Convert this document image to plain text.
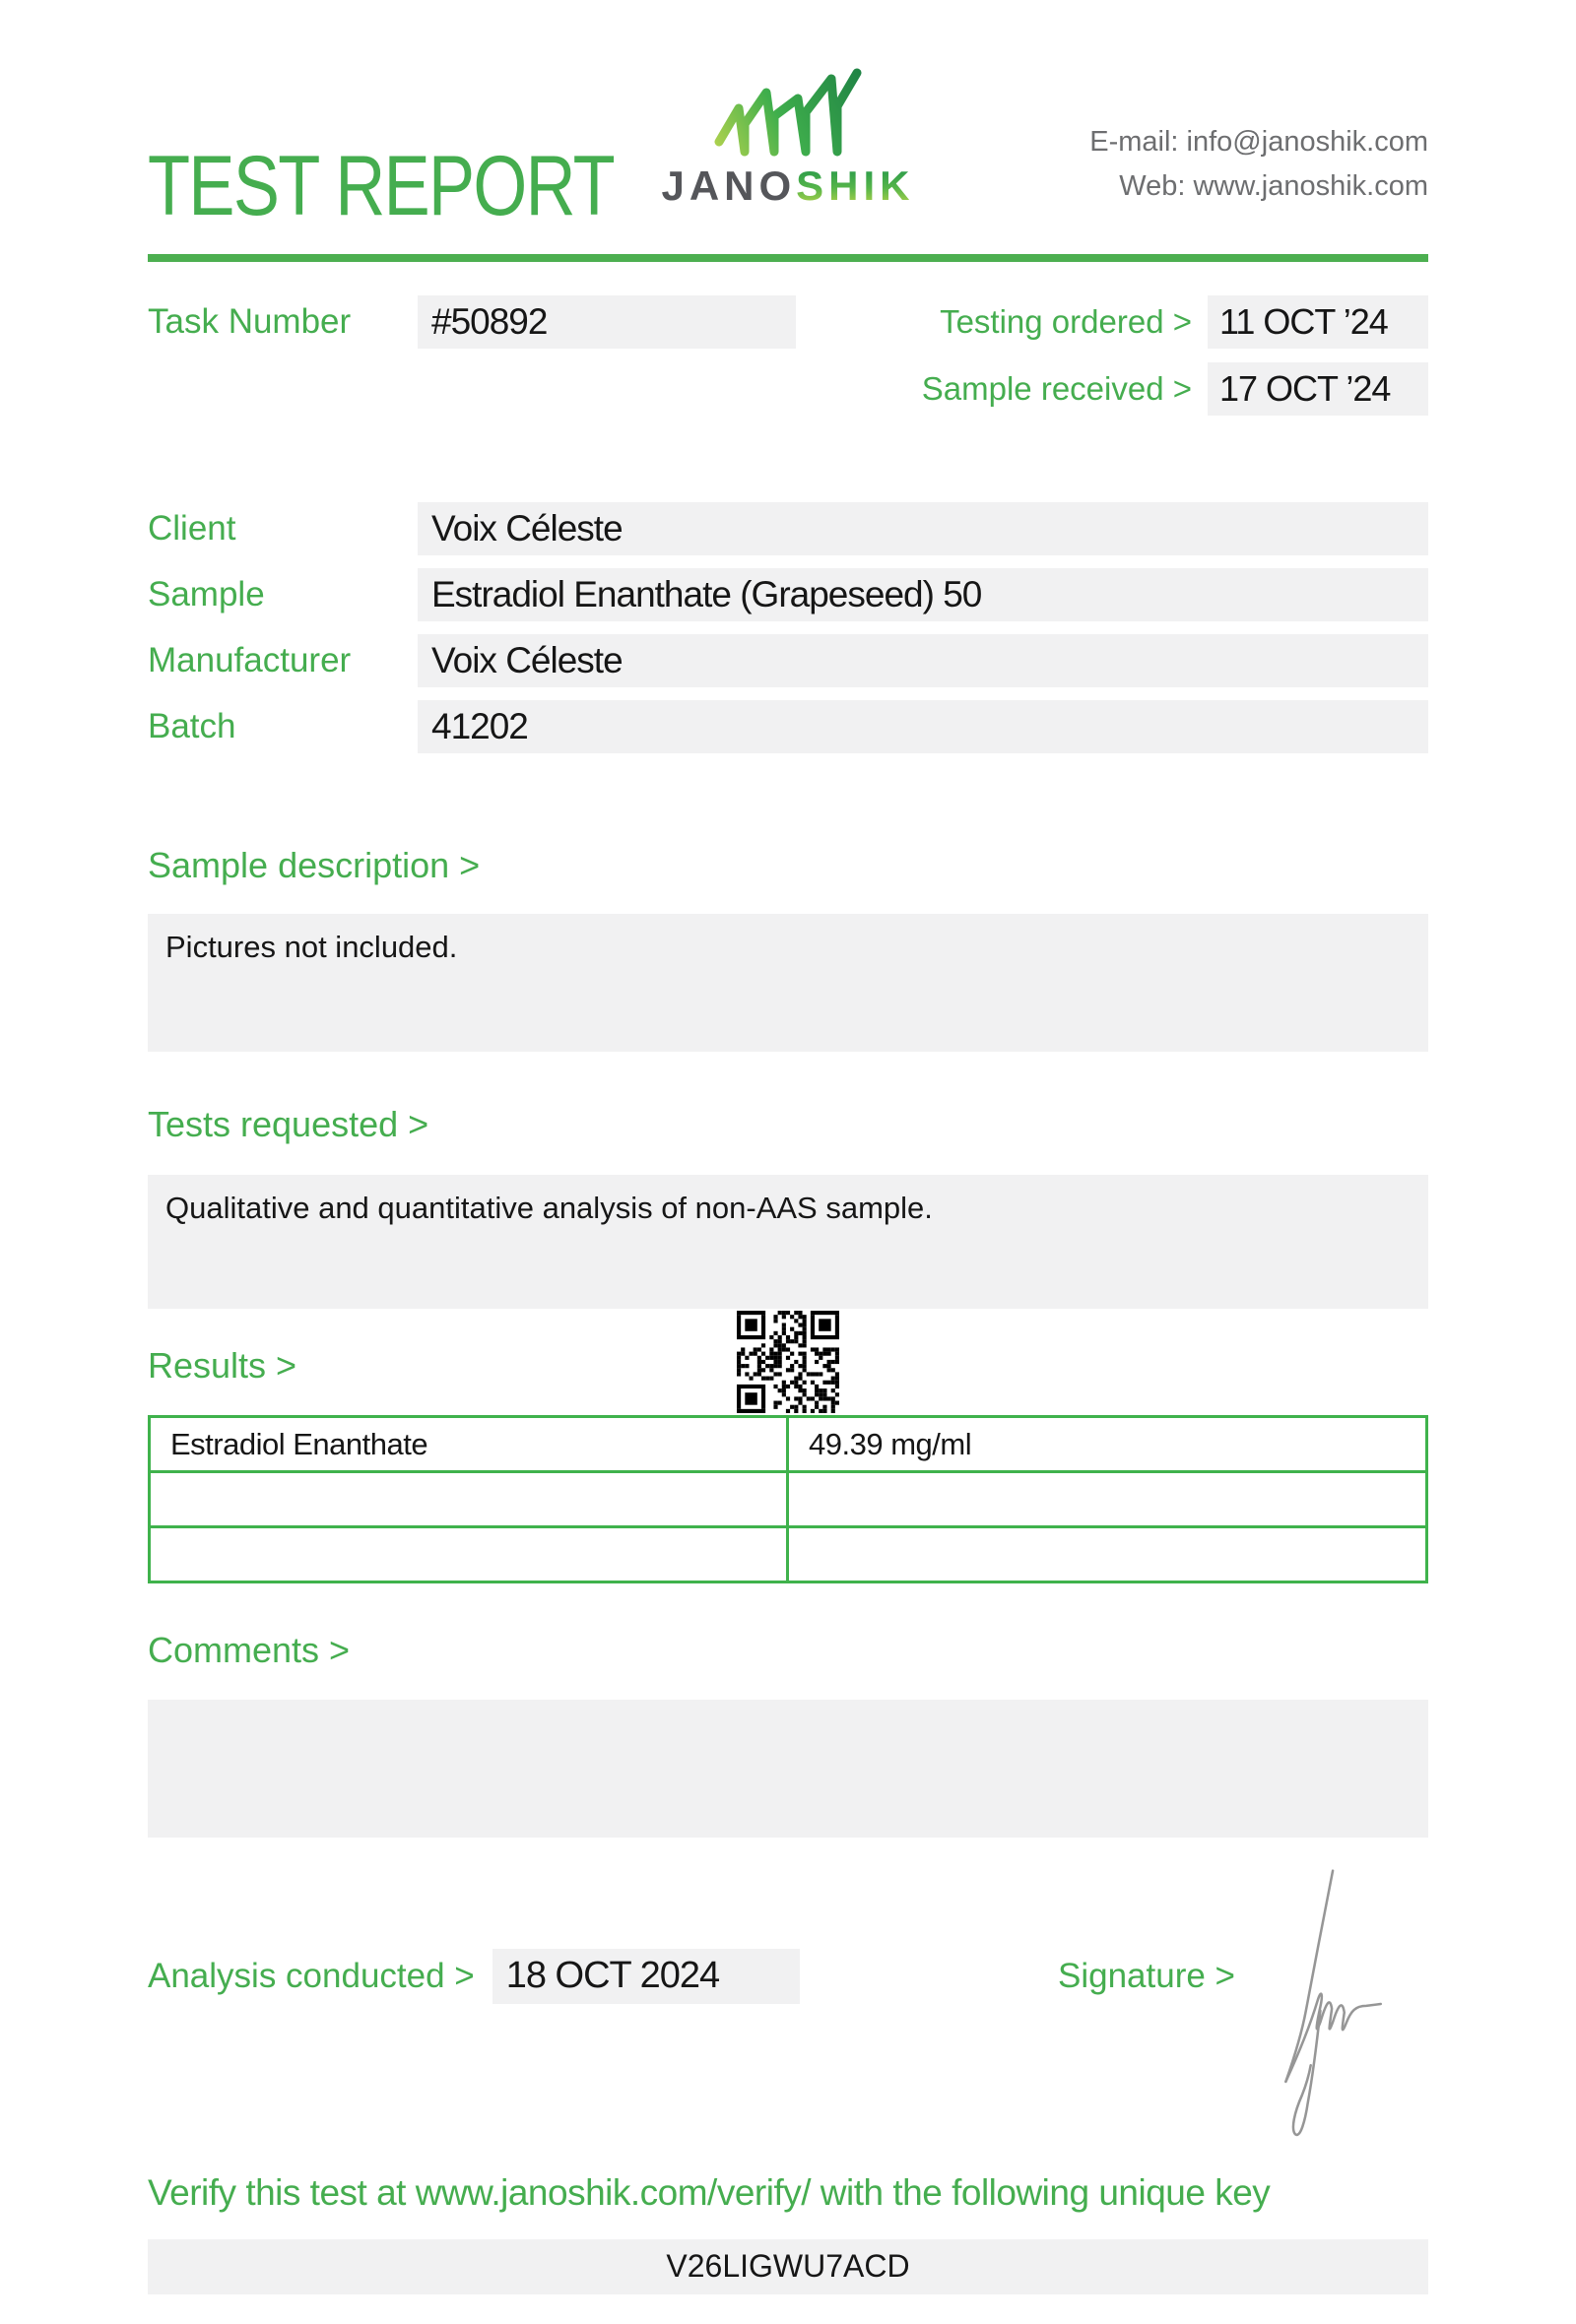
TEST REPORT JANOSHIK
E-mail: info@janoshik.com
Web: www.janoshik.com
Task Number	#50892	Testing ordered > 11 OCT ’24
Sample received > 17 OCT ’24
Client	Voix Céleste
Sample	Estradiol Enanthate (Grapeseed) 50
Manufacturer	Voix Céleste
Batch	41202
Sample description >
Pictures not included.
Tests requested >
Qualitative and quantitative analysis of non-AAS sample.
Results >
Estradiol Enanthate	49.39 mg/ml

Comments >
Analysis conducted > 18 OCT 2024	Signature >
Verify this test at www.janoshik.com/verify/ with the following unique key
V26LIGWU7ACD
